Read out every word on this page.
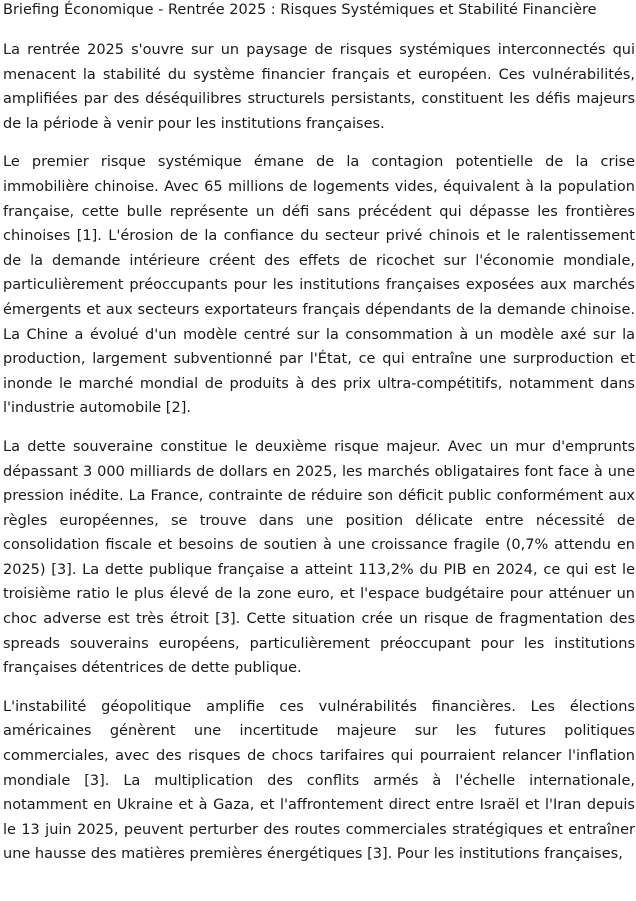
Briefing Économique - Rentrée 2025 : Risques Systémiques et Stabilité Financière

La rentrée 2025 s'ouvre sur un paysage de risques systémiques interconnectés qui menacent la stabilité du système financier français et européen. Ces vulnérabilités, amplifiées par des déséquilibres structurels persistants, constituent les défis majeurs de la période à venir pour les institutions françaises.

Le premier risque systémique émane de la contagion potentielle de la crise immobilière chinoise. Avec 65 millions de logements vides, équivalent à la population française, cette bulle représente un défi sans précédent qui dépasse les frontières chinoises [1]. L'érosion de la confiance du secteur privé chinois et le ralentissement de la demande intérieure créent des effets de ricochet sur l'économie mondiale, particulièrement préoccupants pour les institutions françaises exposées aux marchés émergents et aux secteurs exportateurs français dépendants de la demande chinoise. La Chine a évolué d'un modèle centré sur la consommation à un modèle axé sur la production, largement subventionné par l'État, ce qui entraîne une surproduction et inonde le marché mondial de produits à des prix ultra-compétitifs, notamment dans l'industrie automobile [2].

La dette souveraine constitue le deuxième risque majeur. Avec un mur d'emprunts dépassant 3 000 milliards de dollars en 2025, les marchés obligataires font face à une pression inédite. La France, contrainte de réduire son déficit public conformément aux règles européennes, se trouve dans une position délicate entre nécessité de consolidation fiscale et besoins de soutien à une croissance fragile (0,7% attendu en 2025) [3]. La dette publique française a atteint 113,2% du PIB en 2024, ce qui est le troisième ratio le plus élevé de la zone euro, et l'espace budgétaire pour atténuer un choc adverse est très étroit [3]. Cette situation crée un risque de fragmentation des spreads souverains européens, particulièrement préoccupant pour les institutions françaises détentrices de dette publique.

L'instabilité géopolitique amplifie ces vulnérabilités financières. Les élections américaines génèrent une incertitude majeure sur les futures politiques commerciales, avec des risques de chocs tarifaires qui pourraient relancer l'inflation mondiale [3]. La multiplication des conflits armés à l'échelle internationale, notamment en Ukraine et à Gaza, et l'affrontement direct entre Israël et l'Iran depuis le 13 juin 2025, peuvent perturber des routes commerciales stratégiques et entraîner une hausse des matières premières énergétiques [3]. Pour les institutions françaises,
